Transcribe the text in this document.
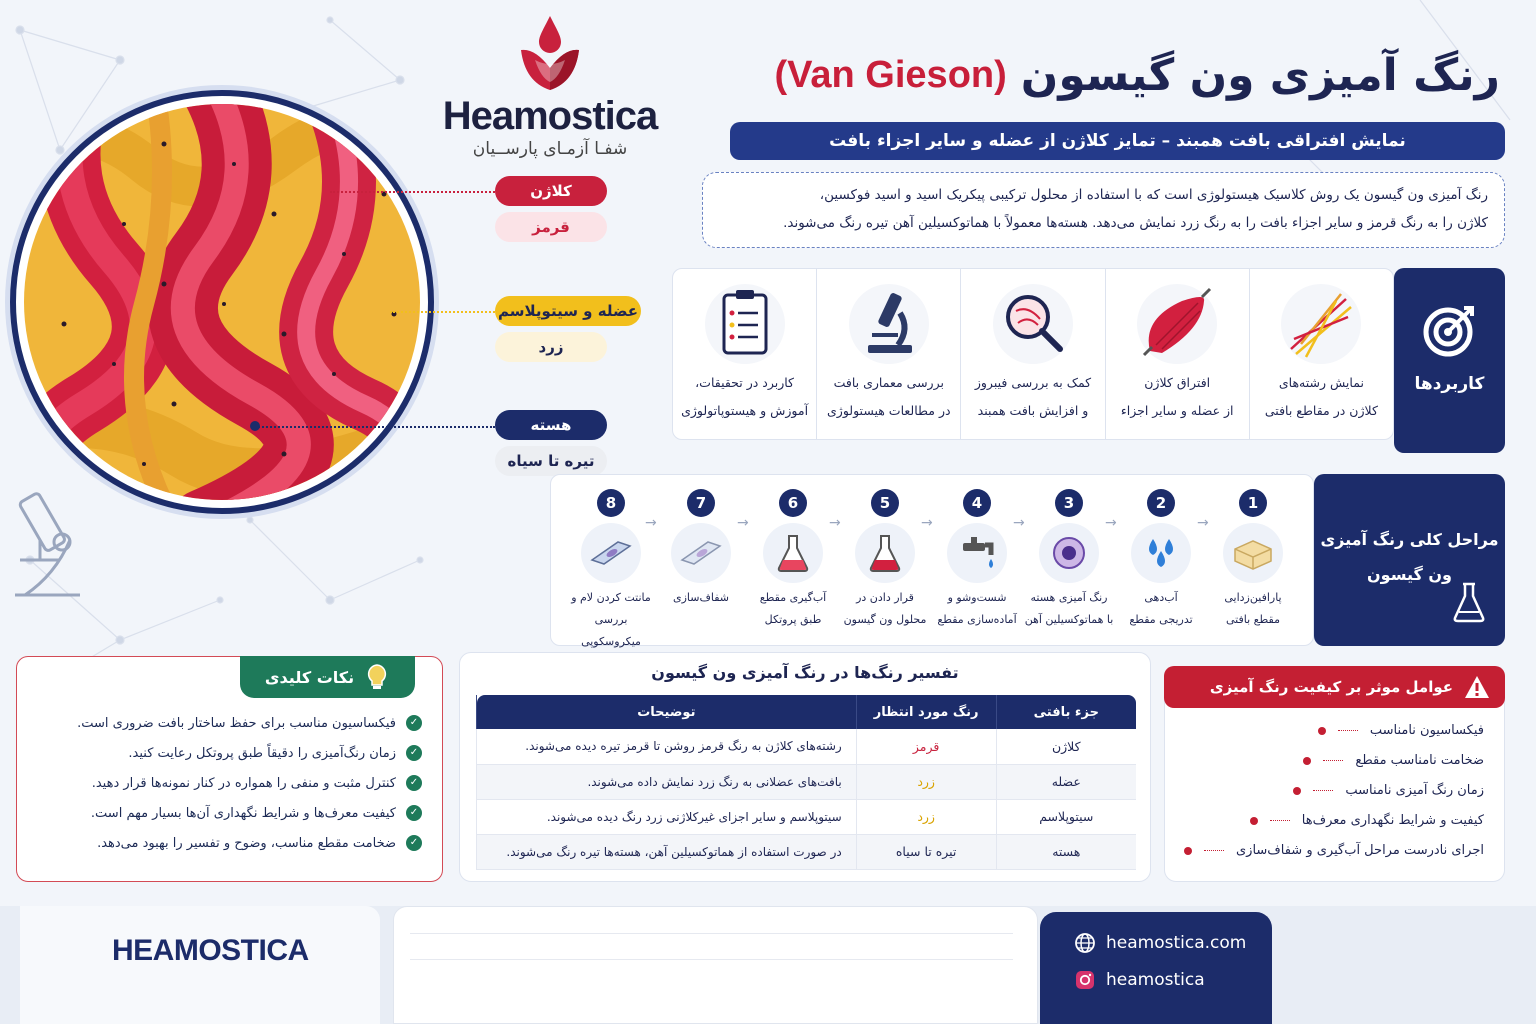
Heamostica
شفـا آزمـای پارســیان
(Van Gieson) رنگ آمیزی ون گیسون
نمایش افتراقی بافت همبند – تمایز کلاژن از عضله و سایر اجزاء بافت
رنگ آمیزی ون گیسون یک روش کلاسیک هیستولوژی است که با استفاده از محلول ترکیبی پیکریک اسید و اسید فوکسین،
کلاژن را به رنگ قرمز و سایر اجزاء بافت را به رنگ زرد نمایش می‌دهد. هسته‌ها معمولاً با هماتوکسیلین آهن تیره رنگ می‌شوند.
کلاژن
قرمز
عضله و سیتوپلاسم
زرد
هسته
تیره تا سیاه
کاربردها
نمایش رشته‌های
کلاژن در مقاطع بافتی
افتراق کلاژن
از عضله و سایر اجزاء
کمک به بررسی فیبروز
و افزایش بافت همبند
بررسی معماری بافت
در مطالعات هیستولوژی
کاربرد در تحقیقات،
آموزش و هیستوپاتولوژی
مراحل کلی رنگ آمیزی
ون گیسون
1
پارافین‌زدایی
مقطع بافتی
→
2
آب‌دهی
تدریجی مقطع
→
3
رنگ آمیزی هسته
با هماتوکسیلین آهن
→
4
شست‌وشو و
آماده‌سازی مقطع
→
5
قرار دادن در
محلول ون گیسون
→
6
آب‌گیری مقطع
طبق پروتکل
→
7
شفاف‌سازی
→
8
مانتت کردن لام و
بررسی میکروسکوپی
✓
فیکساسیون مناسب برای حفظ ساختار بافت ضروری است.
✓
زمان رنگ‌آمیزی را دقیقاً طبق پروتکل رعایت کنید.
✓
کنترل مثبت و منفی را همواره در کنار نمونه‌ها قرار دهید.
✓
کیفیت معرف‌ها و شرایط نگهداری آن‌ها بسیار مهم است.
✓
ضخامت مقطع مناسب، وضوح و تفسیر را بهبود می‌دهد.
نکات کلیدی	تفسیر رنگ‌ها در رنگ آمیزی ون گیسون
جزء بافتی	رنگ مورد انتظار	توضیحات
کلاژن	قرمز	رشته‌های کلاژن به رنگ قرمز روشن تا قرمز تیره دیده می‌شوند.
عضله	زرد	بافت‌های عضلانی به رنگ زرد نمایش داده می‌شوند.
سیتوپلاسم	زرد	سیتوپلاسم و سایر اجزای غیرکلاژنی زرد رنگ دیده می‌شوند.
هسته	تیره تا سیاه	در صورت استفاده از هماتوکسیلین آهن، هسته‌ها تیره رنگ می‌شوند.
فیکساسیون نامناسب
ضخامت نامناسب مقطع
زمان رنگ آمیزی نامناسب
کیفیت و شرایط نگهداری معرف‌ها
اجرای نادرست مراحل آب‌گیری و شفاف‌سازی
عوامل موثر بر کیفیت رنگ آمیزی
HEAMOSTICA	heamostica.com
heamostica
